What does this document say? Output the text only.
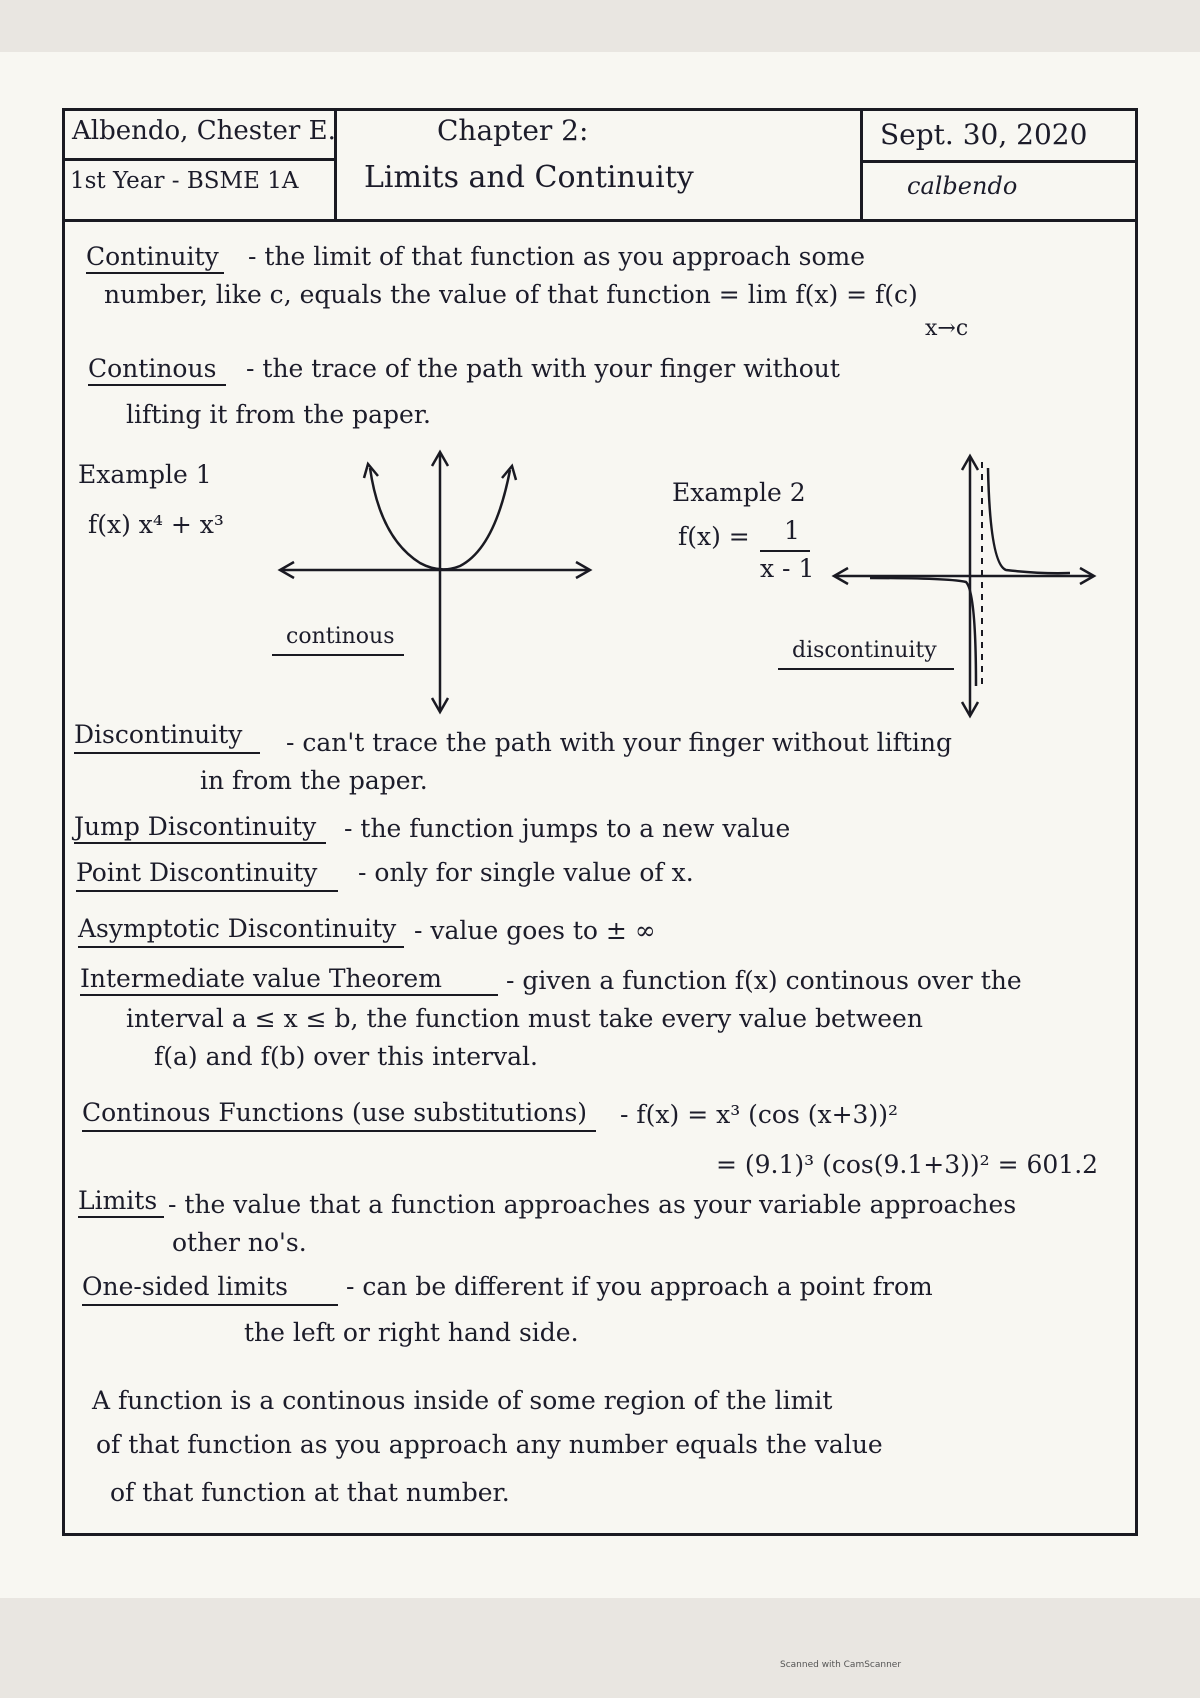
Albendo, Chester E.
1st Year - BSME 1A
Chapter 2:
Limits and Continuity
Sept. 30, 2020
calbendo
Continuity - the limit of that function as you approach some
number, like c, equals the value of that function = lim f(x) = f(c)
x→c
Continous - the trace of the path with your finger without
lifting it from the paper.
Example 1
f(x) x⁴ + x³
continous
Example 2
f(x) = 1
x - 1
discontinuity
Discontinuity - can't trace the path with your finger without lifting
in from the paper.
Jump Discontinuity - the function jumps to a new value
Point Discontinuity - only for single value of x.
Asymptotic Discontinuity - value goes to ± ∞
Intermediate value Theorem	- given a function f(x) continous over the
interval a ≤ x ≤ b, the function must take every value between
f(a) and f(b) over this interval.
Continous Functions (use substitutions) - f(x) = x³ (cos (x+3))²
= (9.1)³ (cos(9.1+3))² = 601.2
Limits - the value that a function approaches as your variable approaches
other no's.
One-sided limits - can be different if you approach a point from
the left or right hand side.
A function is a continous inside of some region of the limit
of that function as you approach any number equals the value
of that function at that number.
Scanned with CamScanner
